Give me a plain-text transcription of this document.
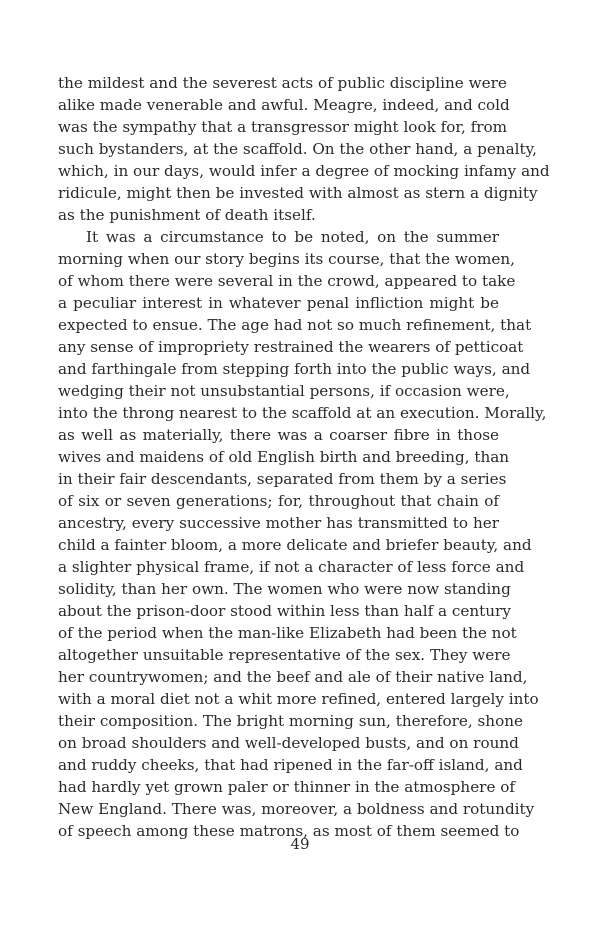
the mildest and the severest acts of public discipline were
alike made venerable and awful. Meagre, indeed, and cold
was the sympathy that a transgressor might look for, from
such bystanders, at the scaffold. On the other hand, a penalty,
which, in our days, would infer a degree of mocking infamy and
ridicule, might then be invested with almost as stern a dignity
as the punishment of death itself.
It was a circumstance to be noted, on the summer
morning when our story begins its course, that the women,
of whom there were several in the crowd, appeared to take
a peculiar interest in whatever penal infliction might be
expected to ensue. The age had not so much refinement, that
any sense of impropriety restrained the wearers of petticoat
and farthingale from stepping forth into the public ways, and
wedging their not unsubstantial persons, if occasion were,
into the throng nearest to the scaffold at an execution. Morally,
as well as materially, there was a coarser fibre in those
wives and maidens of old English birth and breeding, than
in their fair descendants, separated from them by a series
of six or seven generations; for, throughout that chain of
ancestry, every successive mother has transmitted to her
child a fainter bloom, a more delicate and briefer beauty, and
a slighter physical frame, if not a character of less force and
solidity, than her own. The women who were now standing
about the prison-door stood within less than half a century
of the period when the man-like Elizabeth had been the not
altogether unsuitable representative of the sex. They were
her countrywomen; and the beef and ale of their native land,
with a moral diet not a whit more refined, entered largely into
their composition. The bright morning sun, therefore, shone
on broad shoulders and well-developed busts, and on round
and ruddy cheeks, that had ripened in the far-off island, and
had hardly yet grown paler or thinner in the atmosphere of
New England. There was, moreover, a boldness and rotundity
of speech among these matrons, as most of them seemed to
49
